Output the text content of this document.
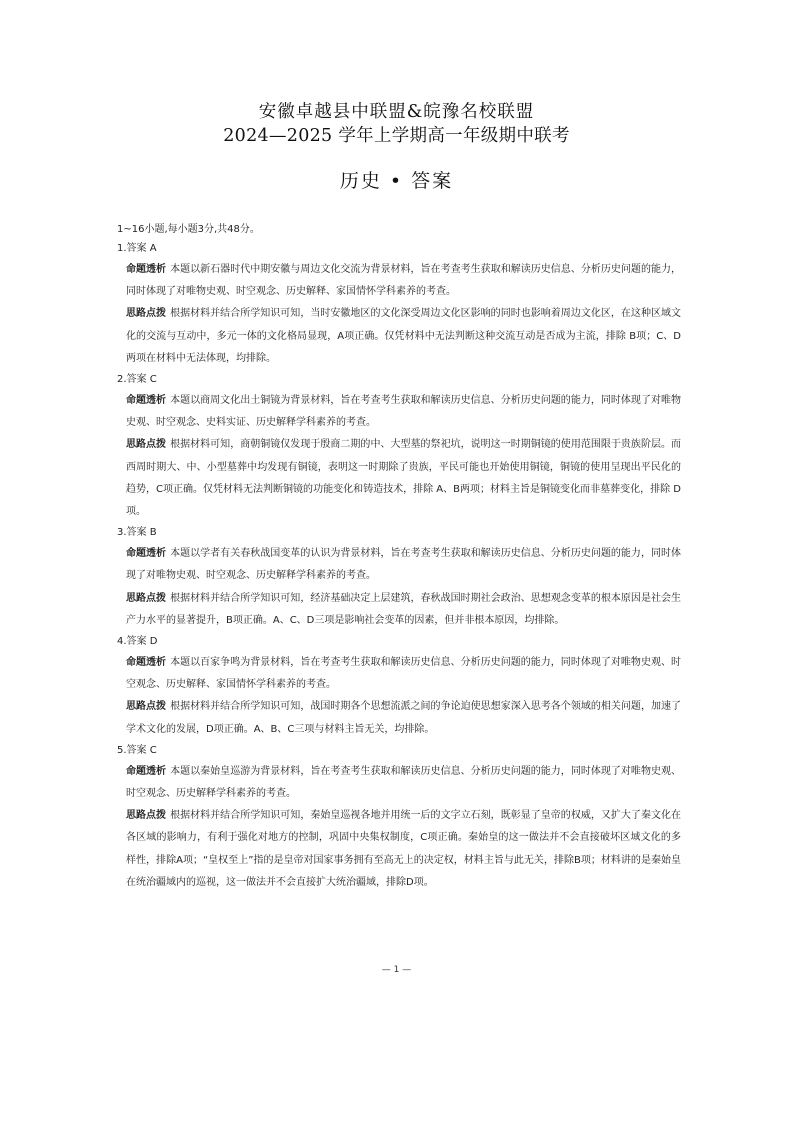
安徽卓越县中联盟&皖豫名校联盟
2024—2025 学年上学期高一年级期中联考
历史 • 答案
1~16小题,每小题3分,共48分。
1.答案 A
命题透析 本题以新石器时代中期安徽与周边文化交流为背景材料，旨在考查考生获取和解读历史信息、分析历史问题的能力，同时体现了对唯物史观、时空观念、历史解释、家国情怀学科素养的考查。
思路点拨 根据材料并结合所学知识可知，当时安徽地区的文化深受周边文化区影响的同时也影响着周边文化区，在这种区域文化的交流与互动中，多元一体的文化格局显现，A项正确。仅凭材料中无法判断这种交流互动是否成为主流，排除 B项；C、D两项在材料中无法体现，均排除。
2.答案 C
命题透析 本题以商周文化出土铜镜为背景材料，旨在考查考生获取和解读历史信息、分析历史问题的能力，同时体现了对唯物史观、时空观念、史料实证、历史解释学科素养的考查。
思路点拨 根据材料可知，商朝铜镜仅发现于殷商二期的中、大型墓的祭祀坑，说明这一时期铜镜的使用范围限于贵族阶层。而西周时期大、中、小型墓葬中均发现有铜镜，表明这一时期除了贵族，平民可能也开始使用铜镜，铜镜的使用呈现出平民化的趋势，C项正确。仅凭材料无法判断铜镜的功能变化和铸造技术，排除 A、B两项；材料主旨是铜镜变化而非墓葬变化，排除 D项。
3.答案 B
命题透析 本题以学者有关春秋战国变革的认识为背景材料，旨在考查考生获取和解读历史信息、分析历史问题的能力，同时体现了对唯物史观、时空观念、历史解释学科素养的考查。
思路点拨 根据材料并结合所学知识可知，经济基础决定上层建筑，春秋战国时期社会政治、思想观念变革的根本原因是社会生产力水平的显著提升，B项正确。A、C、D三项是影响社会变革的因素，但并非根本原因，均排除。
4.答案 D
命题透析 本题以百家争鸣为背景材料，旨在考查考生获取和解读历史信息、分析历史问题的能力，同时体现了对唯物史观、时空观念、历史解释、家国情怀学科素养的考查。
思路点拨 根据材料并结合所学知识可知，战国时期各个思想流派之间的争论迫使思想家深入思考各个领域的相关问题，加速了学术文化的发展，D项正确。A、B、C三项与材料主旨无关，均排除。
5.答案 C
命题透析 本题以秦始皇巡游为背景材料，旨在考查考生获取和解读历史信息、分析历史问题的能力，同时体现了对唯物史观、时空观念、历史解释学科素养的考查。
思路点拨 根据材料并结合所学知识可知，秦始皇巡视各地并用统一后的文字立石刻，既彰显了皇帝的权威，又扩大了秦文化在各区域的影响力，有利于强化对地方的控制，巩固中央集权制度，C项正确。秦始皇的这一做法并不会直接破坏区域文化的多样性，排除A项；“皇权至上”指的是皇帝对国家事务拥有至高无上的决定权，材料主旨与此无关，排除B项；材料讲的是秦始皇在统治疆域内的巡视，这一做法并不会直接扩大统治疆域，排除D项。
— 1 —
